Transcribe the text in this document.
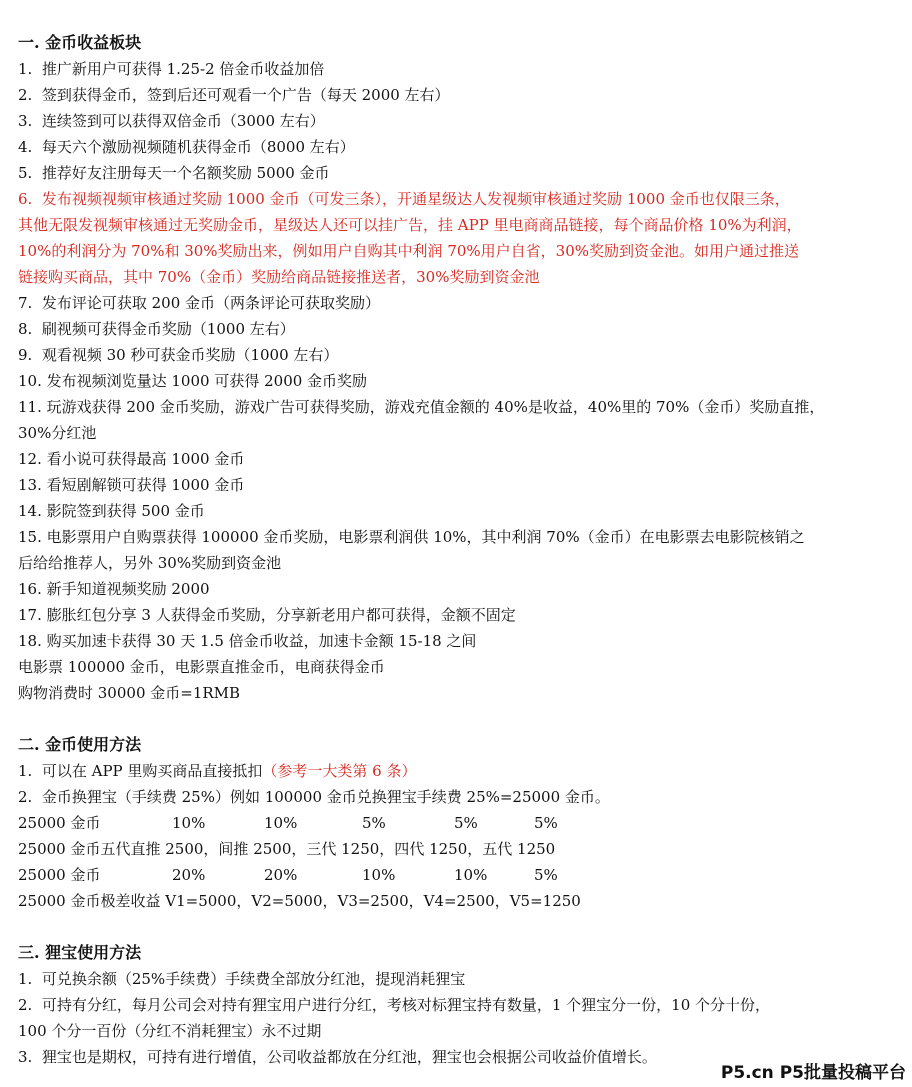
一. 金币收益板块
1.  推广新用户可获得 1.25-2 倍金币收益加倍
2.  签到获得金币，签到后还可观看一个广告（每天 2000 左右）
3.  连续签到可以获得双倍金币（3000 左右）
4.  每天六个激励视频随机获得金币（8000 左右）
5.  推荐好友注册每天一个名额奖励 5000 金币
6.  发布视频视频审核通过奖励 1000 金币（可发三条），开通星级达人发视频审核通过奖励 1000 金币也仅限三条，
其他无限发视频审核通过无奖励金币，星级达人还可以挂广告，挂 APP 里电商商品链接，每个商品价格 10%为利润，
10%的利润分为 70%和 30%奖励出来，例如用户自购其中利润 70%用户自省，30%奖励到资金池。如用户通过推送
链接购买商品，其中 70%（金币）奖励给商品链接推送者，30%奖励到资金池
7.  发布评论可获取 200 金币（两条评论可获取奖励）
8.  刷视频可获得金币奖励（1000 左右）
9.  观看视频 30 秒可获金币奖励（1000 左右）
10. 发布视频浏览量达 1000 可获得 2000 金币奖励
11. 玩游戏获得 200 金币奖励，游戏广告可获得奖励，游戏充值金额的 40%是收益，40%里的 70%（金币）奖励直推，
30%分红池
12. 看小说可获得最高 1000 金币
13. 看短剧解锁可获得 1000 金币
14. 影院签到获得 500 金币
15. 电影票用户自购票获得 100000 金币奖励，电影票利润供 10%，其中利润 70%（金币）在电影票去电影院核销之
后给给推荐人，另外 30%奖励到资金池
16. 新手知道视频奖励 2000
17. 膨胀红包分享 3 人获得金币奖励，分享新老用户都可获得，金额不固定
18. 购买加速卡获得 30 天 1.5 倍金币收益，加速卡金额 15-18 之间
电影票 100000 金币，电影票直推金币，电商获得金币
购物消费时 30000 金币=1RMB
二. 金币使用方法
1.  可以在 APP 里购买商品直接抵扣（参考一大类第 6 条）
2.  金币换狸宝（手续费 25%）例如 100000 金币兑换狸宝手续费 25%=25000 金币。
25000 金币	10%	10%	5%	5%	5%
25000 金币五代直推 2500，间推 2500，三代 1250，四代 1250，五代 1250
25000 金币	20%	20%	10%	10%	5%
25000 金币极差收益 V1=5000，V2=5000，V3=2500，V4=2500，V5=1250
三. 狸宝使用方法
1.  可兑换余额（25%手续费）手续费全部放分红池，提现消耗狸宝
2.  可持有分红，每月公司会对持有狸宝用户进行分红，考核对标狸宝持有数量，1 个狸宝分一份，10 个分十份，
100 个分一百份（分红不消耗狸宝）永不过期
3.  狸宝也是期权，可持有进行增值，公司收益都放在分红池，狸宝也会根据公司收益价值增长。
P5.cn P5批量投稿平台
